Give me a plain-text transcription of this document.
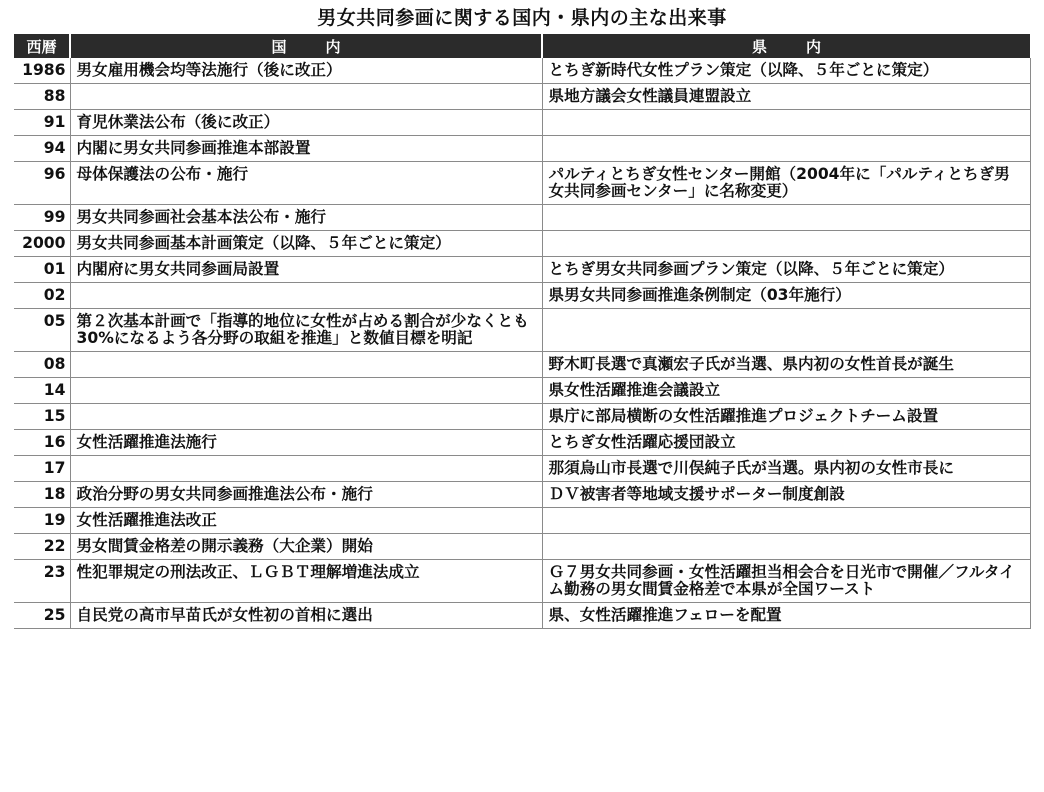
男女共同参画に関する国内・県内の主な出来事
西暦	国内	県内
1986	男女雇用機会均等法施行（後に改正）	とちぎ新時代女性プラン策定（以降、５年ごとに策定）
88		県地方議会女性議員連盟設立
91	育児休業法公布（後に改正）	
94	内閣に男女共同参画推進本部設置	
96	母体保護法の公布・施行	パルティとちぎ女性センター開館（2004年に「パルティとちぎ男女共同参画センター」に名称変更）
99	男女共同参画社会基本法公布・施行	
2000	男女共同参画基本計画策定（以降、５年ごとに策定）	
01	内閣府に男女共同参画局設置	とちぎ男女共同参画プラン策定（以降、５年ごとに策定）
02		県男女共同参画推進条例制定（03年施行）
05	第２次基本計画で「指導的地位に女性が占める割合が少なくとも30%になるよう各分野の取組を推進」と数値目標を明記	
08		野木町長選で真瀬宏子氏が当選、県内初の女性首長が誕生
14		県女性活躍推進会議設立
15		県庁に部局横断の女性活躍推進プロジェクトチーム設置
16	女性活躍推進法施行	とちぎ女性活躍応援団設立
17		那須烏山市長選で川俣純子氏が当選。県内初の女性市長に
18	政治分野の男女共同参画推進法公布・施行	ＤＶ被害者等地域支援サポーター制度創設
19	女性活躍推進法改正	
22	男女間賃金格差の開示義務（大企業）開始	
23	性犯罪規定の刑法改正、ＬＧＢＴ理解増進法成立	Ｇ７男女共同参画・女性活躍担当相会合を日光市で開催／フルタイム勤務の男女間賃金格差で本県が全国ワースト
25	自民党の高市早苗氏が女性初の首相に選出	県、女性活躍推進フェローを配置
